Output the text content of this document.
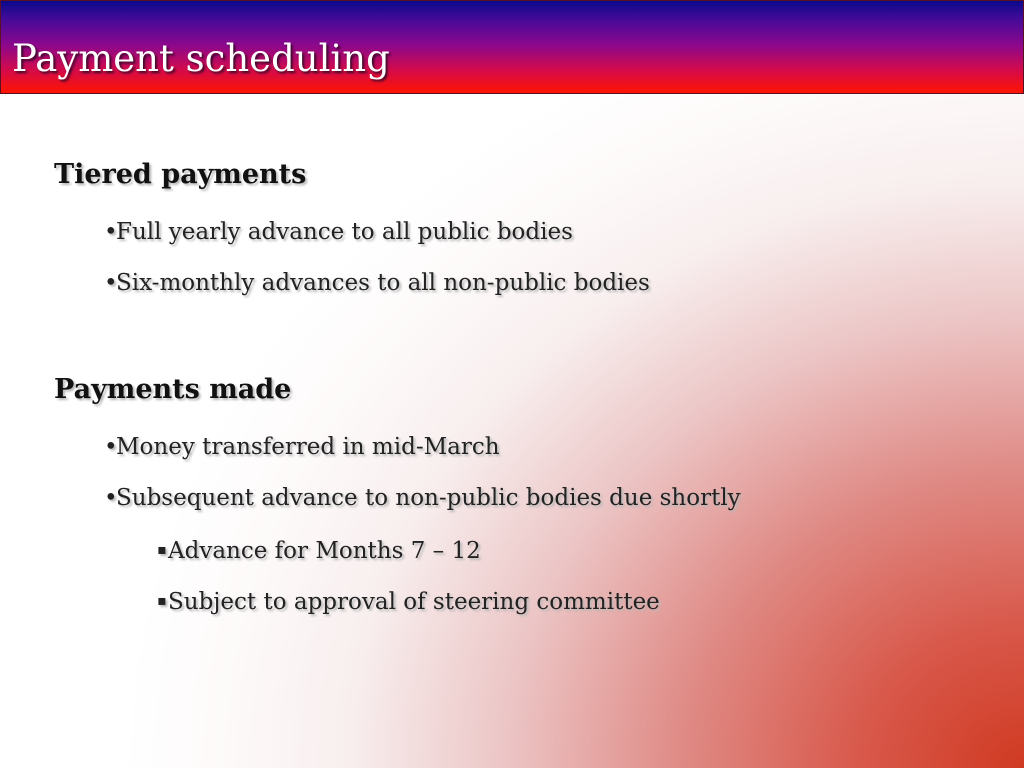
Payment scheduling
Tiered payments

•Full yearly advance to all public bodies

•Six-monthly advances to all non-public bodies

Payments made

•Money transferred in mid-March

•Subsequent advance to non-public bodies due shortly

▪Advance for Months 7 – 12

▪Subject to approval of steering committee
